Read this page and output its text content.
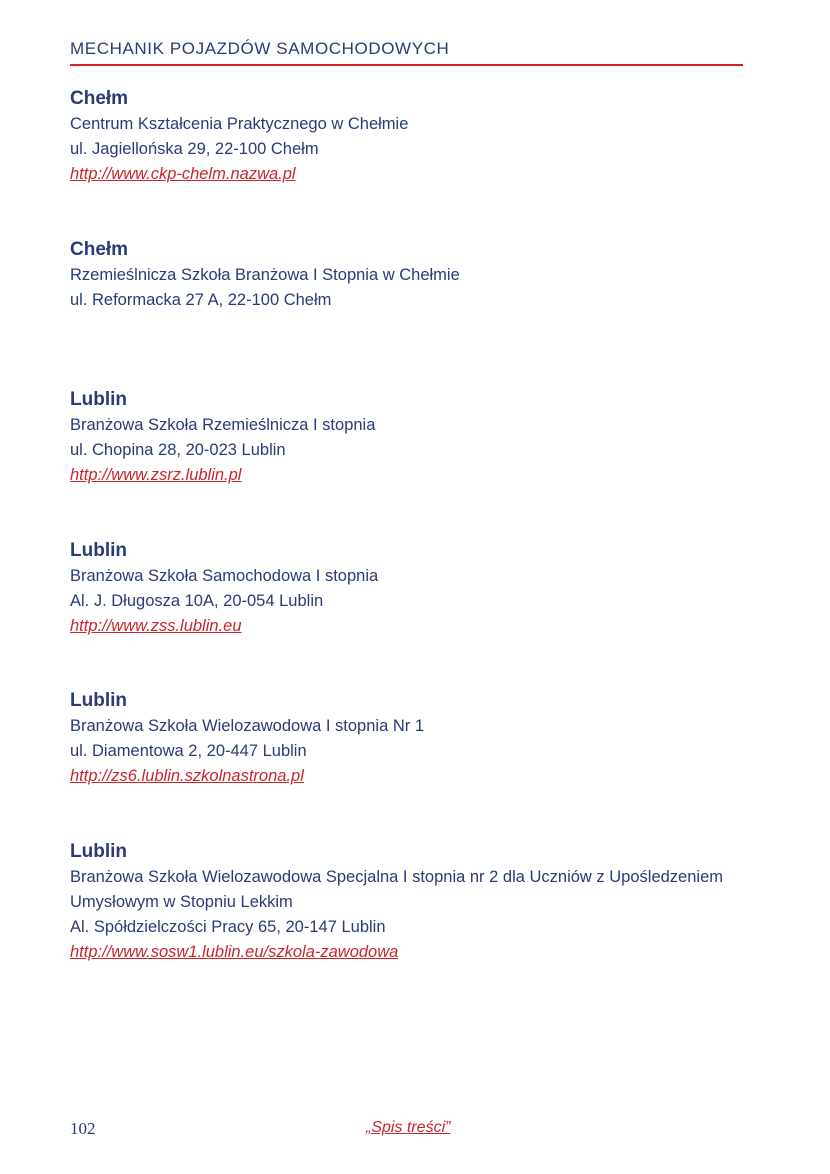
MECHANIK POJAZDÓW SAMOCHODOWYCH
Chełm
Centrum Kształcenia Praktycznego w Chełmie
ul. Jagiellońska 29, 22-100 Chełm
http://www.ckp-chelm.nazwa.pl
Chełm
Rzemieślnicza Szkoła Branżowa I Stopnia w Chełmie
ul. Reformacka 27 A, 22-100 Chełm
Lublin
Branżowa Szkoła Rzemieślnicza I stopnia
ul. Chopina 28, 20-023 Lublin
http://www.zsrz.lublin.pl
Lublin
Branżowa Szkoła Samochodowa I stopnia
Al. J. Długosza 10A, 20-054 Lublin
http://www.zss.lublin.eu
Lublin
Branżowa Szkoła Wielozawodowa I stopnia Nr 1
ul. Diamentowa 2, 20-447 Lublin
http://zs6.lublin.szkolnastrona.pl
Lublin
Branżowa Szkoła Wielozawodowa Specjalna I stopnia nr 2 dla Uczniów z Upośledzeniem
Umysłowym w Stopniu Lekkim
Al. Spółdzielczości Pracy 65, 20-147 Lublin
http://www.sosw1.lublin.eu/szkola-zawodowa
102	„Spis treści”
